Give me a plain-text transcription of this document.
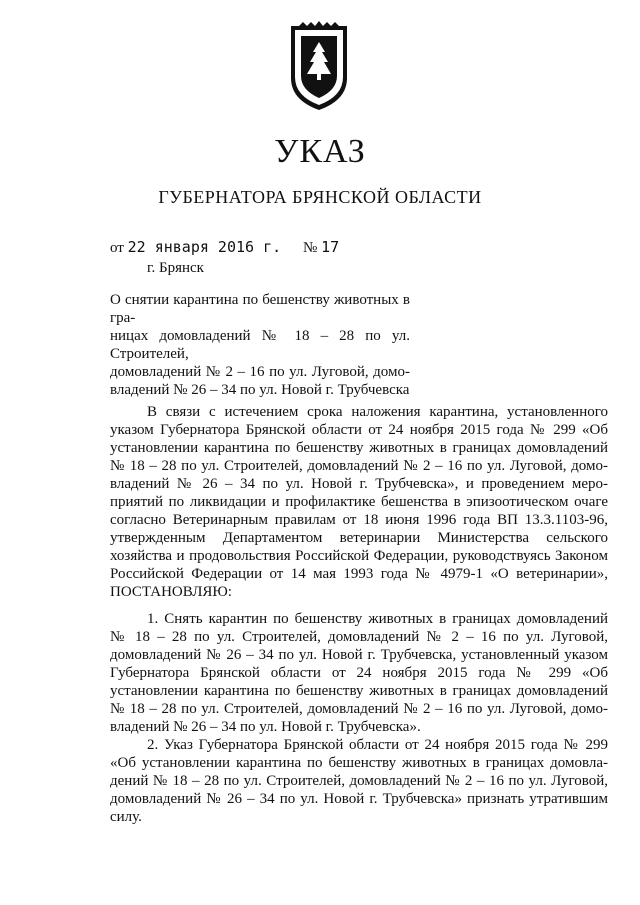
УКАЗ
ГУБЕРНАТОРА БРЯНСКОЙ ОБЛАСТИ
от 22 января 2016 г. № 17
г. Брянск
О снятии карантина по бешенству животных в гра-
ницах домовладений № 18 – 28 по ул. Строителей,
домовладений № 2 – 16 по ул. Луговой, домо-
владений № 26 – 34 по ул. Новой г. Трубчевска
В связи с истечением срока наложения карантина, установленного
указом Губернатора Брянской области от 24 ноября 2015 года № 299 «Об
установлении карантина по бешенству животных в границах домовладений
№ 18 – 28 по ул. Строителей, домовладений № 2 – 16 по ул. Луговой, домо-
владений № 26 – 34 по ул. Новой г. Трубчевска», и проведением меро-
приятий по ликвидации и профилактике бешенства в эпизоотическом очаге
согласно Ветеринарным правилам от 18 июня 1996 года ВП 13.3.1103-96,
утвержденным Департаментом ветеринарии Министерства сельского
хозяйства и продовольствия Российской Федерации, руководствуясь Законом
Российской Федерации от 14 мая 1993 года № 4979-1 «О ветеринарии»,
ПОСТАНОВЛЯЮ:
1. Снять карантин по бешенству животных в границах домовладений
№ 18 – 28 по ул. Строителей, домовладений № 2 – 16 по ул. Луговой,
домовладений № 26 – 34 по ул. Новой г. Трубчевска, установленный указом
Губернатора Брянской области от 24 ноября 2015 года № 299 «Об
установлении карантина по бешенству животных в границах домовладений
№ 18 – 28 по ул. Строителей, домовладений № 2 – 16 по ул. Луговой, домо-
владений № 26 – 34 по ул. Новой г. Трубчевска».
2. Указ Губернатора Брянской области от 24 ноября 2015 года № 299
«Об установлении карантина по бешенству животных в границах домовла-
дений № 18 – 28 по ул. Строителей, домовладений № 2 – 16 по ул. Луговой,
домовладений № 26 – 34 по ул. Новой г. Трубчевска» признать утратившим
силу.
